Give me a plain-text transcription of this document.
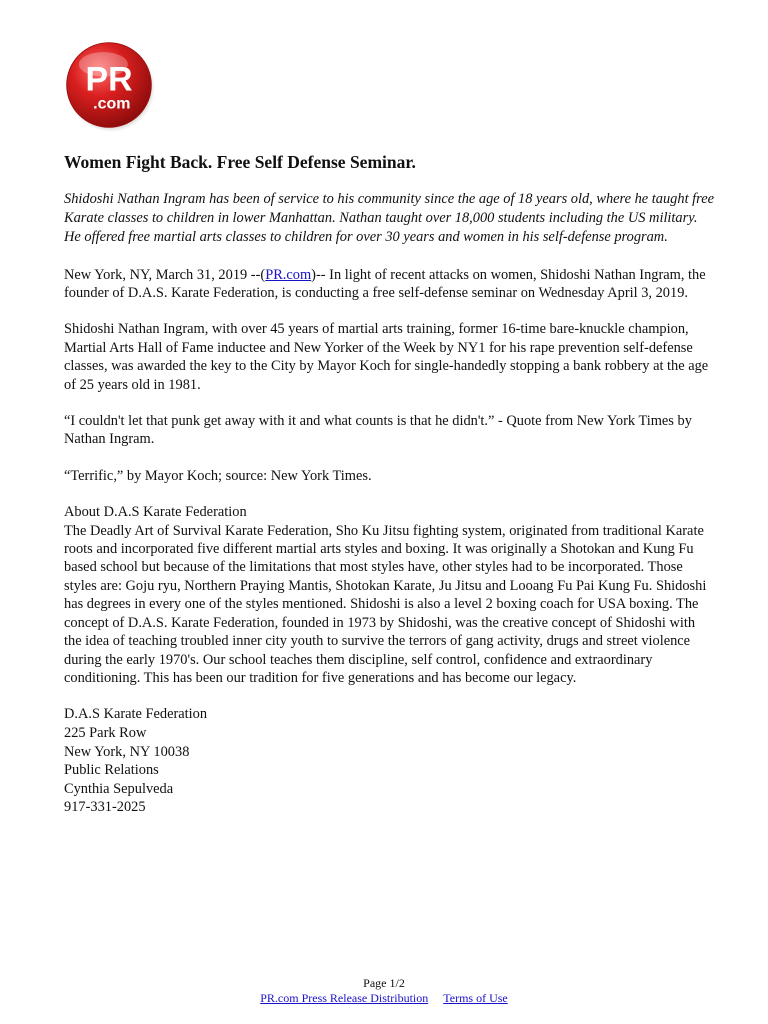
PR
.com
Women Fight Back. Free Self Defense Seminar.

Shidoshi Nathan Ingram has been of service to his community since the age of 18 years old, where he taught free Karate classes to children in lower Manhattan. Nathan taught over 18,000 students including the US military. He offered free martial arts classes to children for over 30 years and women in his self-defense program.

New York, NY, March 31, 2019 --(PR.com)-- In light of recent attacks on women, Shidoshi Nathan Ingram, the founder of D.A.S. Karate Federation, is conducting a free self-defense seminar on Wednesday April 3, 2019.

Shidoshi Nathan Ingram, with over 45 years of martial arts training, former 16-time bare-knuckle champion, Martial Arts Hall of Fame inductee and New Yorker of the Week by NY1 for his rape prevention self-defense classes, was awarded the key to the City by Mayor Koch for single-handedly stopping a bank robbery at the age of 25 years old in 1981.

“I couldn't let that punk get away with it and what counts is that he didn't.” - Quote from New York Times by Nathan Ingram.

“Terrific,” by Mayor Koch; source: New York Times.

About D.A.S Karate Federation

The Deadly Art of Survival Karate Federation, Sho Ku Jitsu fighting system, originated from traditional Karate roots and incorporated five different martial arts styles and boxing. It was originally a Shotokan and Kung Fu based school but because of the limitations that most styles have, other styles had to be incorporated. Those styles are: Goju ryu, Northern Praying Mantis, Shotokan Karate, Ju Jitsu and Looang Fu Pai Kung Fu. Shidoshi has degrees in every one of the styles mentioned. Shidoshi is also a level 2 boxing coach for USA boxing. The concept of D.A.S. Karate Federation, founded in 1973 by Shidoshi, was the creative concept of Shidoshi with the idea of teaching troubled inner city youth to survive the terrors of gang activity, drugs and street violence during the early 1970's. Our school teaches them discipline, self control, confidence and extraordinary conditioning. This has been our tradition for five generations and has become our legacy.

D.A.S Karate Federation
225 Park Row
New York, NY 10038
Public Relations
Cynthia Sepulveda
917-331-2025
Page 1/2
PR.com Press Release Distribution Terms of Use
